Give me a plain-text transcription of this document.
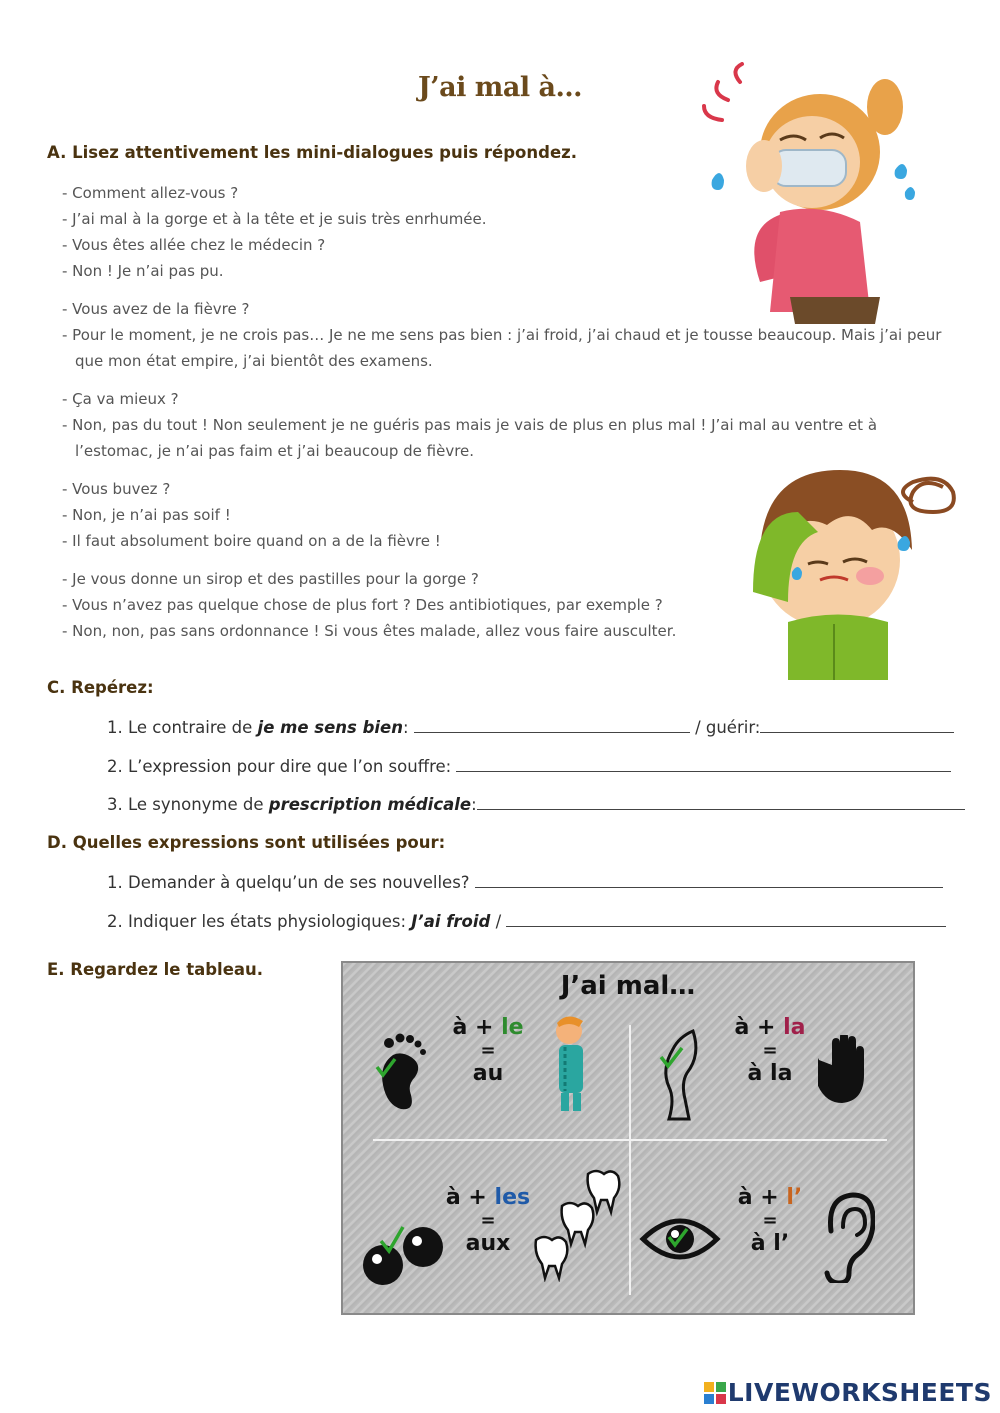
J’ai mal à…
A. Lisez attentivement les mini-dialogues puis répondez.
- Comment allez-vous ?
- J’ai mal à la gorge et à la tête et je suis très enrhumée.
- Vous êtes allée chez le médecin ?
- Non ! Je n’ai pas pu.
- Vous avez de la fièvre ?
- Pour le moment, je ne crois pas… Je ne me sens pas bien : j’ai froid, j’ai chaud et je tousse beaucoup. Mais j’ai peur que mon état empire, j’ai bientôt des examens.
- Ça va mieux ?
- Non, pas du tout ! Non seulement je ne guéris pas mais je vais de plus en plus mal ! J’ai mal au ventre et à l’estomac, je n’ai pas faim et j’ai beaucoup de fièvre.
- Vous buvez ?
- Non, je n’ai pas soif !
- Il faut absolument boire quand on a de la fièvre !
- Je vous donne un sirop et des pastilles pour la gorge ?
- Vous n’avez pas quelque chose de plus fort ? Des antibiotiques, par exemple ?
- Non, non, pas sans ordonnance ! Si vous êtes malade, allez vous faire ausculter.
C. Repérez:
1. Le contraire de je me sens bien:	/ guérir:
2. L’expression pour dire que l’on souffre:
3. Le synonyme de prescription médicale:
D. Quelles expressions sont utilisées pour:
1. Demander à quelqu’un de ses nouvelles?
2. Indiquer les états physiologiques: J’ai froid /
E. Regardez le tableau.
J’ai mal…
à + le
=
au
à + la
=
à la
à + les
=
aux
à + l’
=
à l’
LIVEWORKSHEETS
